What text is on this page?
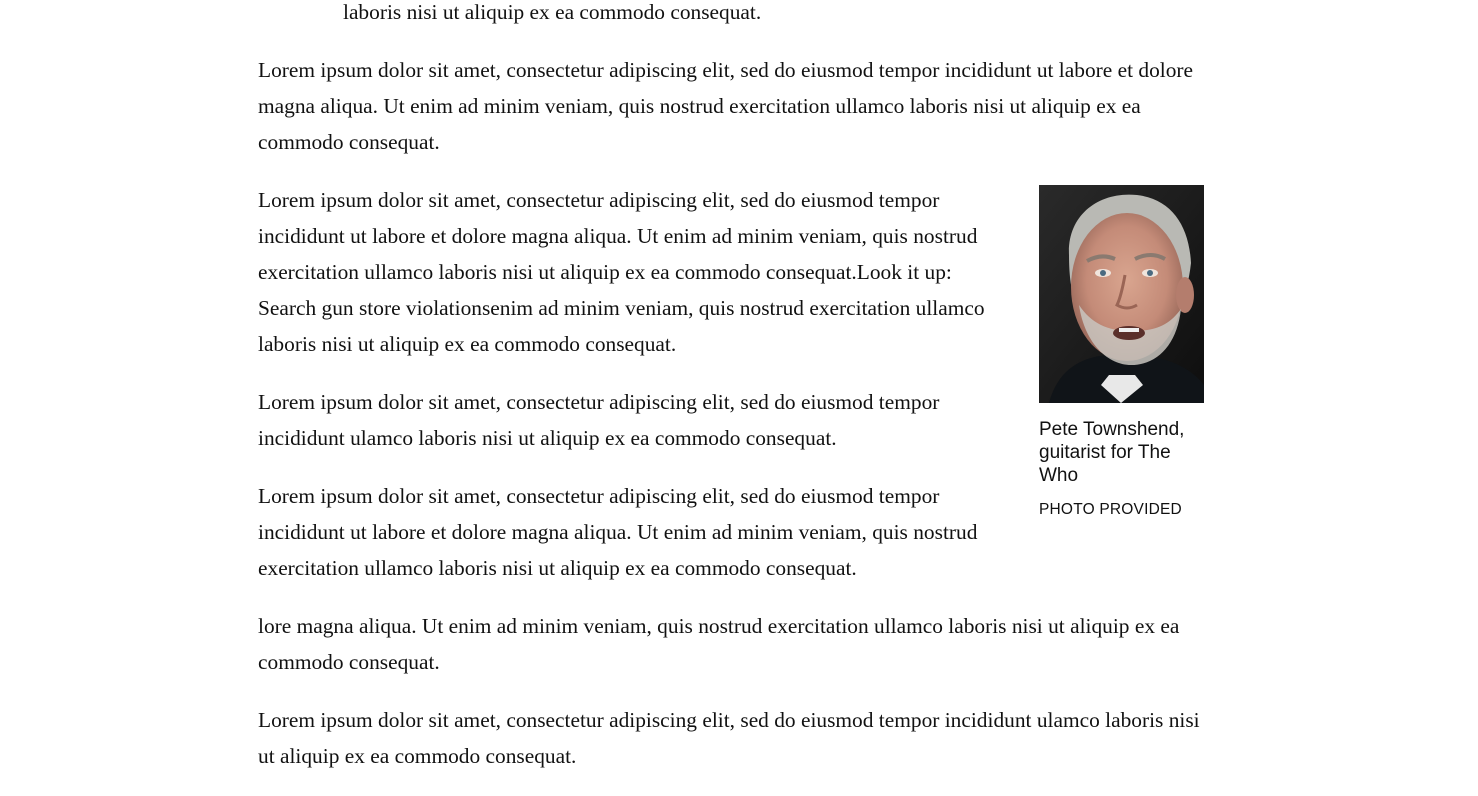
laboris nisi ut aliquip ex ea commodo consequat.

Lorem ipsum dolor sit amet, consectetur adipiscing elit, sed do eiusmod tempor incididunt ut labore et dolore magna aliqua. Ut enim ad minim veniam, quis nostrud exercitation ullamco laboris nisi ut aliquip ex ea commodo consequat.

Pete Townshend, guitarist for The Who
PHOTO PROVIDED

Lorem ipsum dolor sit amet, consectetur adipiscing elit, sed do eiusmod tempor incididunt ut labore et dolore magna aliqua. Ut enim ad minim veniam, quis nostrud exercitation ullamco laboris nisi ut aliquip ex ea commodo consequat.Look it up: Search gun store violationsenim ad minim veniam, quis nostrud exercitation ullamco laboris nisi ut aliquip ex ea commodo consequat.

Lorem ipsum dolor sit amet, consectetur adipiscing elit, sed do eiusmod tempor incididunt ulamco laboris nisi ut aliquip ex ea commodo consequat.

Lorem ipsum dolor sit amet, consectetur adipiscing elit, sed do eiusmod tempor incididunt ut labore et dolore magna aliqua. Ut enim ad minim veniam, quis nostrud exercitation ullamco laboris nisi ut aliquip ex ea commodo consequat.

lore magna aliqua. Ut enim ad minim veniam, quis nostrud exercitation ullamco laboris nisi ut aliquip ex ea commodo consequat.

Lorem ipsum dolor sit amet, consectetur adipiscing elit, sed do eiusmod tempor incididunt ulamco laboris nisi ut aliquip ex ea commodo consequat.
